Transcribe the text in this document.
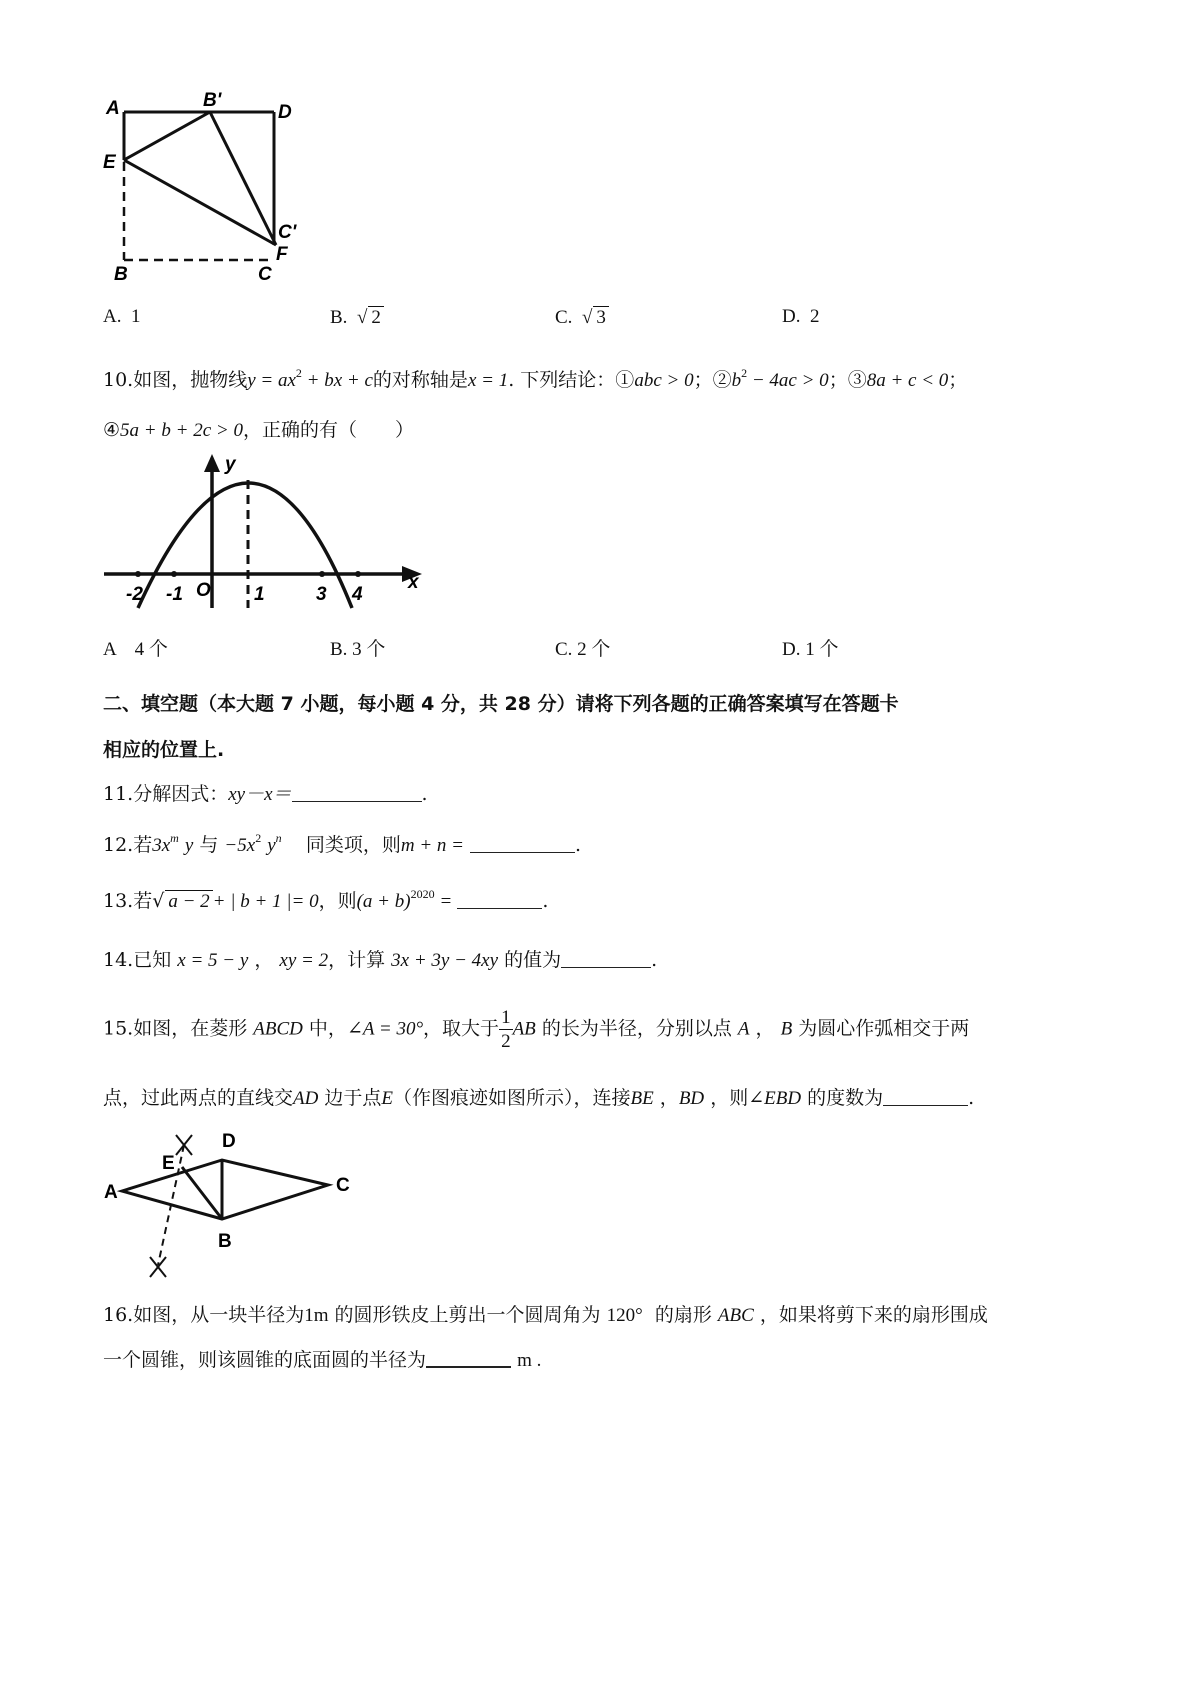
A	B'
D
E
C'
F
B	C
A. 1	B. √ 2	C. √ 3	D. 2
10.如图，抛物线$y = ax^2$ + bx + c的对称轴是x = 1. 下列结论：①abc > 0；$②b^2 - 4ac > 0$；③8a + c < 0；
④5a + b + 2c > 0，正确的有（　　）
y
x
O
-2 -1	1	3 4
A　4 个	B. 3 个	C. 2 个	D. 1 个
二、填空题（本大题 7 小题，每小题 4 分，共 28 分）请将下列各题的正确答案填写在答题卡
相应的位置上.
11.分解因式：xy－x＝	.
12.若$3x^m$ y 与 $-5x^2$ $y^n$ 同类项，则m + n =	.
13.若√ a − 2 + | b + 1 |= 0，则$(a + b)^{2020}$ =	.
14.已知 x = 5 − y ， xy = 2，计算 3x + 3y − 4xy 的值为	.
15.如图，在菱形 ABCD 中，∠A = 30°，取大于 $\frac{1}{2}$ AB 的长为半径，分别以点 A ， B 为圆心作弧相交于两
点，过此两点的直线交AD 边于点E（作图痕迹如图所示），连接BE ，BD ，则∠EBD 的度数为	.
A
E
D
C
B
16.如图，从一块半径为1m 的圆形铁皮上剪出一个圆周角为 120° 的扇形 ABC ，如果将剪下来的扇形围成
一个圆锥，则该圆锥的底面圆的半径为	m .
